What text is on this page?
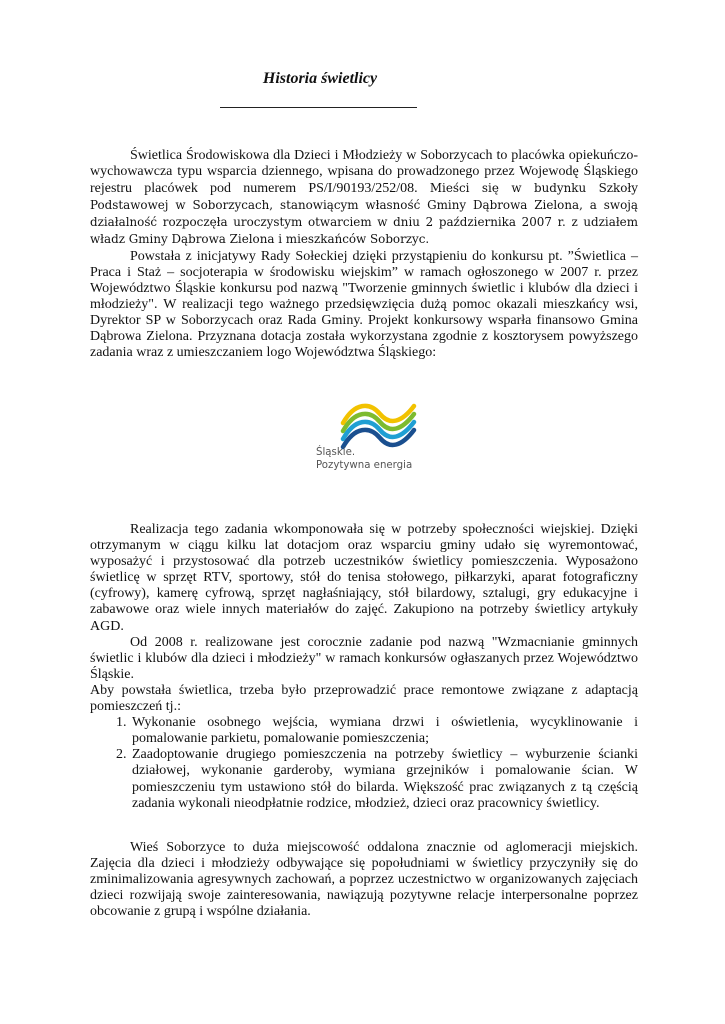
Historia świetlicy

Świetlica Środowiskowa dla Dzieci i Młodzieży w Soborzycach to placówka opiekuńczo-wychowawcza typu wsparcia dziennego, wpisana do prowadzonego przez Wojewodę Śląskiego rejestru placówek pod numerem PS/I/90193/252/08. Mieści się w budynku Szkoły Podstawowej w Soborzycach, stanowiącym własność Gminy Dąbrowa Zielona, a swoją działalność rozpoczęła uroczystym otwarciem w dniu 2 października 2007 r. z udziałem władz Gminy Dąbrowa Zielona i mieszkańców Soborzyc.

Powstała z inicjatywy Rady Sołeckiej dzięki przystąpieniu do konkursu pt. ”Świetlica – Praca i Staż – socjoterapia w środowisku wiejskim” w ramach ogłoszonego w 2007 r. przez Województwo Śląskie konkursu pod nazwą "Tworzenie gminnych świetlic i klubów dla dzieci i młodzieży". W realizacji tego ważnego przedsięwzięcia dużą pomoc okazali mieszkańcy wsi, Dyrektor SP w Soborzycach oraz Rada Gminy. Projekt konkursowy wsparła finansowo Gmina Dąbrowa Zielona. Przyznana dotacja została wykorzystana zgodnie z kosztorysem powyższego zadania wraz z umieszczaniem logo Województwa Śląskiego:

Śląskie.
Pozytywna energia

Realizacja tego zadania wkomponowała się w potrzeby społeczności wiejskiej. Dzięki otrzymanym w ciągu kilku lat dotacjom oraz wsparciu gminy udało się wyremontować, wyposażyć i przystosować dla potrzeb uczestników świetlicy pomieszczenia. Wyposażono świetlicę w sprzęt RTV, sportowy, stół do tenisa stołowego, piłkarzyki, aparat fotograficzny (cyfrowy), kamerę cyfrową, sprzęt nagłaśniający, stół bilardowy, sztalugi, gry edukacyjne i zabawowe oraz wiele innych materiałów do zajęć. Zakupiono na potrzeby świetlicy artykuły AGD.

Od 2008 r. realizowane jest corocznie zadanie pod nazwą "Wzmacnianie gminnych świetlic i klubów dla dzieci i młodzieży" w ramach konkursów ogłaszanych przez Województwo Śląskie.

Aby powstała świetlica, trzeba było przeprowadzić prace remontowe związane z adaptacją pomieszczeń tj.:

1. Wykonanie osobnego wejścia, wymiana drzwi i oświetlenia, wycyklinowanie i pomalowanie parkietu, pomalowanie pomieszczenia;
2. Zaadoptowanie drugiego pomieszczenia na potrzeby świetlicy – wyburzenie ścianki działowej, wykonanie garderoby, wymiana grzejników i pomalowanie ścian. W pomieszczeniu tym ustawiono stół do bilarda. Większość prac związanych z tą częścią zadania wykonali nieodpłatnie rodzice, młodzież, dzieci oraz pracownicy świetlicy.

Wieś Soborzyce to duża miejscowość oddalona znacznie od aglomeracji miejskich. Zajęcia dla dzieci i młodzieży odbywające się popołudniami w świetlicy przyczyniły się do zminimalizowania agresywnych zachowań, a poprzez uczestnictwo w organizowanych zajęciach dzieci rozwijają swoje zainteresowania, nawiązują pozytywne relacje interpersonalne poprzez obcowanie z grupą i wspólne działania.
